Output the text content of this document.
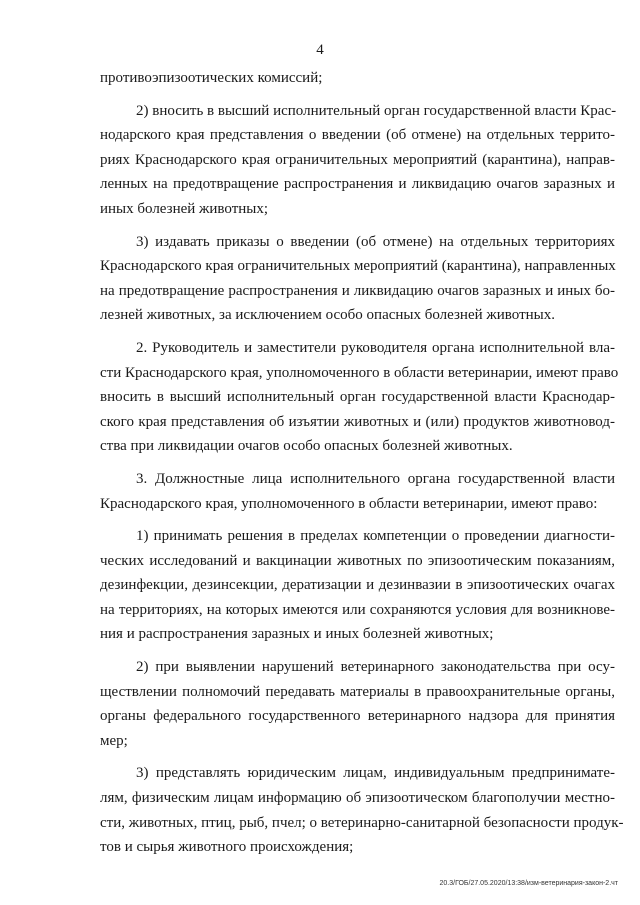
4
противоэпизоотических комиссий;
2) вносить в высший исполнительный орган государственной власти Крас-
нодарского края представления о введении (об отмене) на отдельных террито-
риях Краснодарского края ограничительных мероприятий (карантина), направ-
ленных на предотвращение распространения и ликвидацию очагов заразных и
иных болезней животных;
3) издавать приказы о введении (об отмене) на отдельных территориях
Краснодарского края ограничительных мероприятий (карантина), направленных
на предотвращение распространения и ликвидацию очагов заразных и иных бо-
лезней животных, за исключением особо опасных болезней животных.
2. Руководитель и заместители руководителя органа исполнительной вла-
сти Краснодарского края, уполномоченного в области ветеринарии, имеют право
вносить в высший исполнительный орган государственной власти Краснодар-
ского края представления об изъятии животных и (или) продуктов животновод-
ства при ликвидации очагов особо опасных болезней животных.
3. Должностные лица исполнительного органа государственной власти
Краснодарского края, уполномоченного в области ветеринарии, имеют право:
1) принимать решения в пределах компетенции о проведении диагности-
ческих исследований и вакцинации животных по эпизоотическим показаниям,
дезинфекции, дезинсекции, дератизации и дезинвазии в эпизоотических очагах
на территориях, на которых имеются или сохраняются условия для возникнове-
ния и распространения заразных и иных болезней животных;
2) при выявлении нарушений ветеринарного законодательства при осу-
ществлении полномочий передавать материалы в правоохранительные органы,
органы федерального государственного ветеринарного надзора для принятия
мер;
3) представлять юридическим лицам, индивидуальным предпринимате-
лям, физическим лицам информацию об эпизоотическом благополучии местно-
сти, животных, птиц, рыб, пчел; о ветеринарно-санитарной безопасности продук-
тов и сырья животного происхождения;
20.3/ГОБ/27.05.2020/13:38/изм-ветеринария-закон-2.чт
